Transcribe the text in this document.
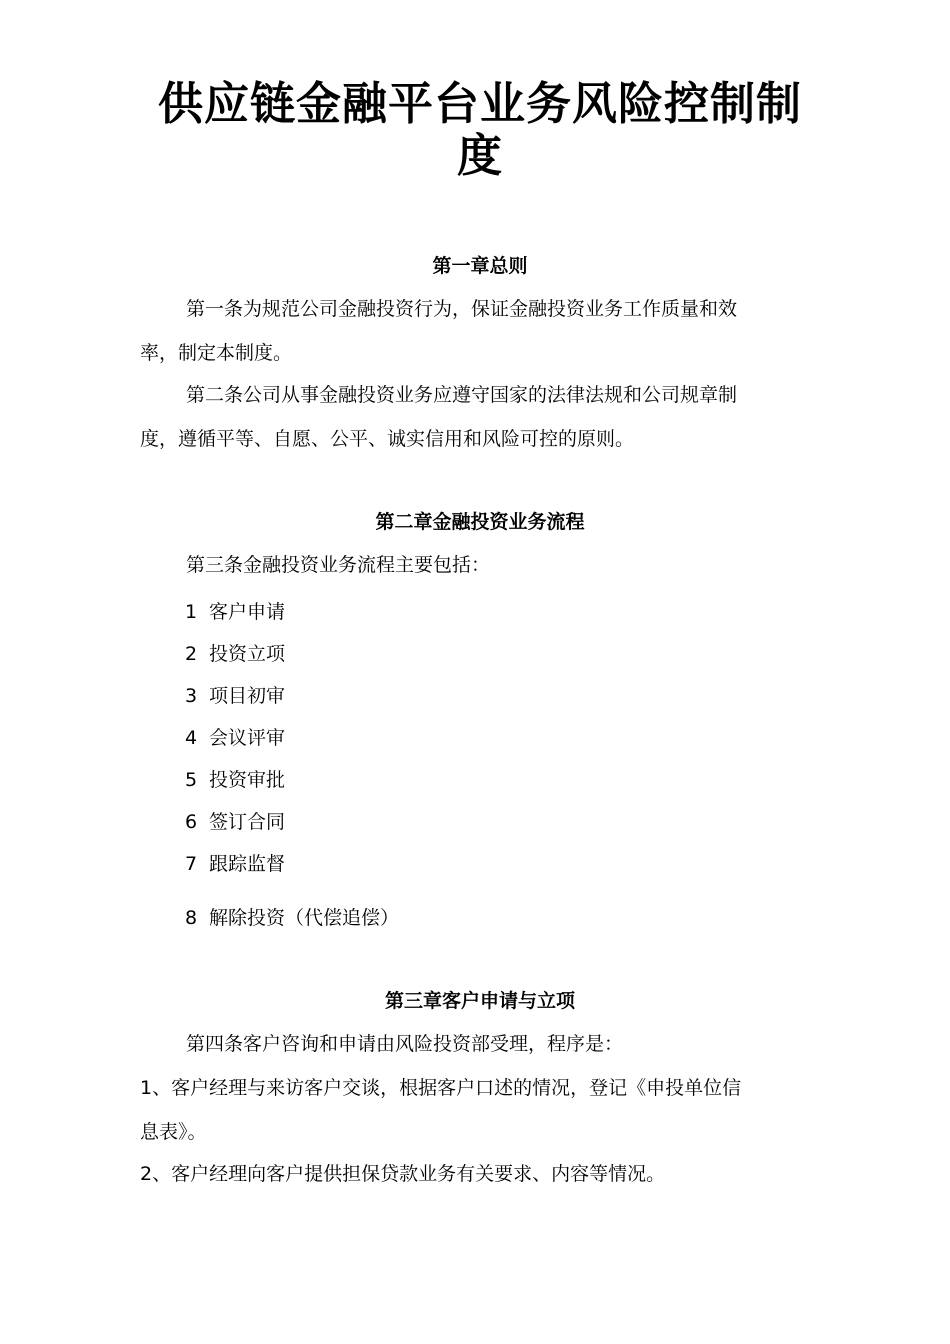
供应链金融平台业务风险控制制
度
第一章总则

第一条为规范公司金融投资行为，保证金融投资业务工作质量和效
率，制定本制度。

第二条公司从事金融投资业务应遵守国家的法律法规和公司规章制
度，遵循平等、自愿、公平、诚实信用和风险可控的原则。

第二章金融投资业务流程

第三条金融投资业务流程主要包括：

1 客户申请
2 投资立项
3 项目初审
4 会议评审
5 投资审批
6 签订合同
7 跟踪监督
8 解除投资（代偿追偿）
第三章客户申请与立项

第四条客户咨询和申请由风险投资部受理，程序是：

1、客户经理与来访客户交谈，根据客户口述的情况，登记《申投单位信
息表》。

2、客户经理向客户提供担保贷款业务有关要求、内容等情况。
